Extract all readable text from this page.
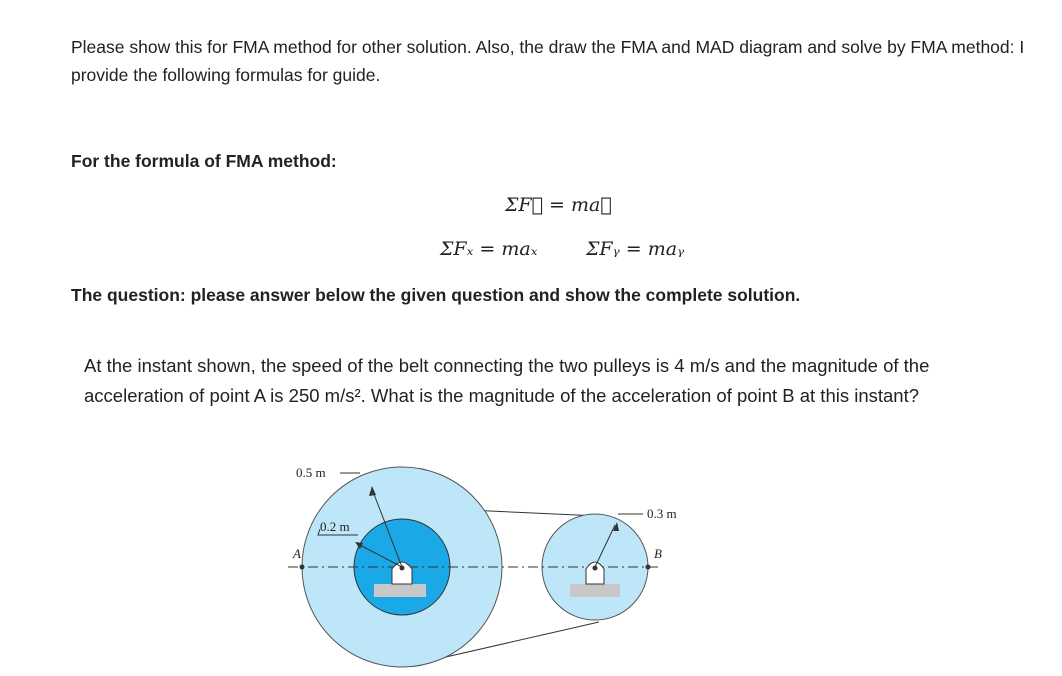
Please show this for FMA method for other solution. Also, the draw the FMA and MAD diagram and solve by FMA method: I provide the following formulas for guide.

For the formula of FMA method:

ΣF⃗ = ma⃗
ΣFₓ = maₓ	ΣFᵧ = maᵧ

The question: please answer below the given question and show the complete solution.

At the instant shown, the speed of the belt connecting the two pulleys is 4 m/s and the magnitude of the acceleration of point A is 250 m/s². What is the magnitude of the acceleration of point B at this instant?

0.5 m
0.2 m
0.3 m
A	B
